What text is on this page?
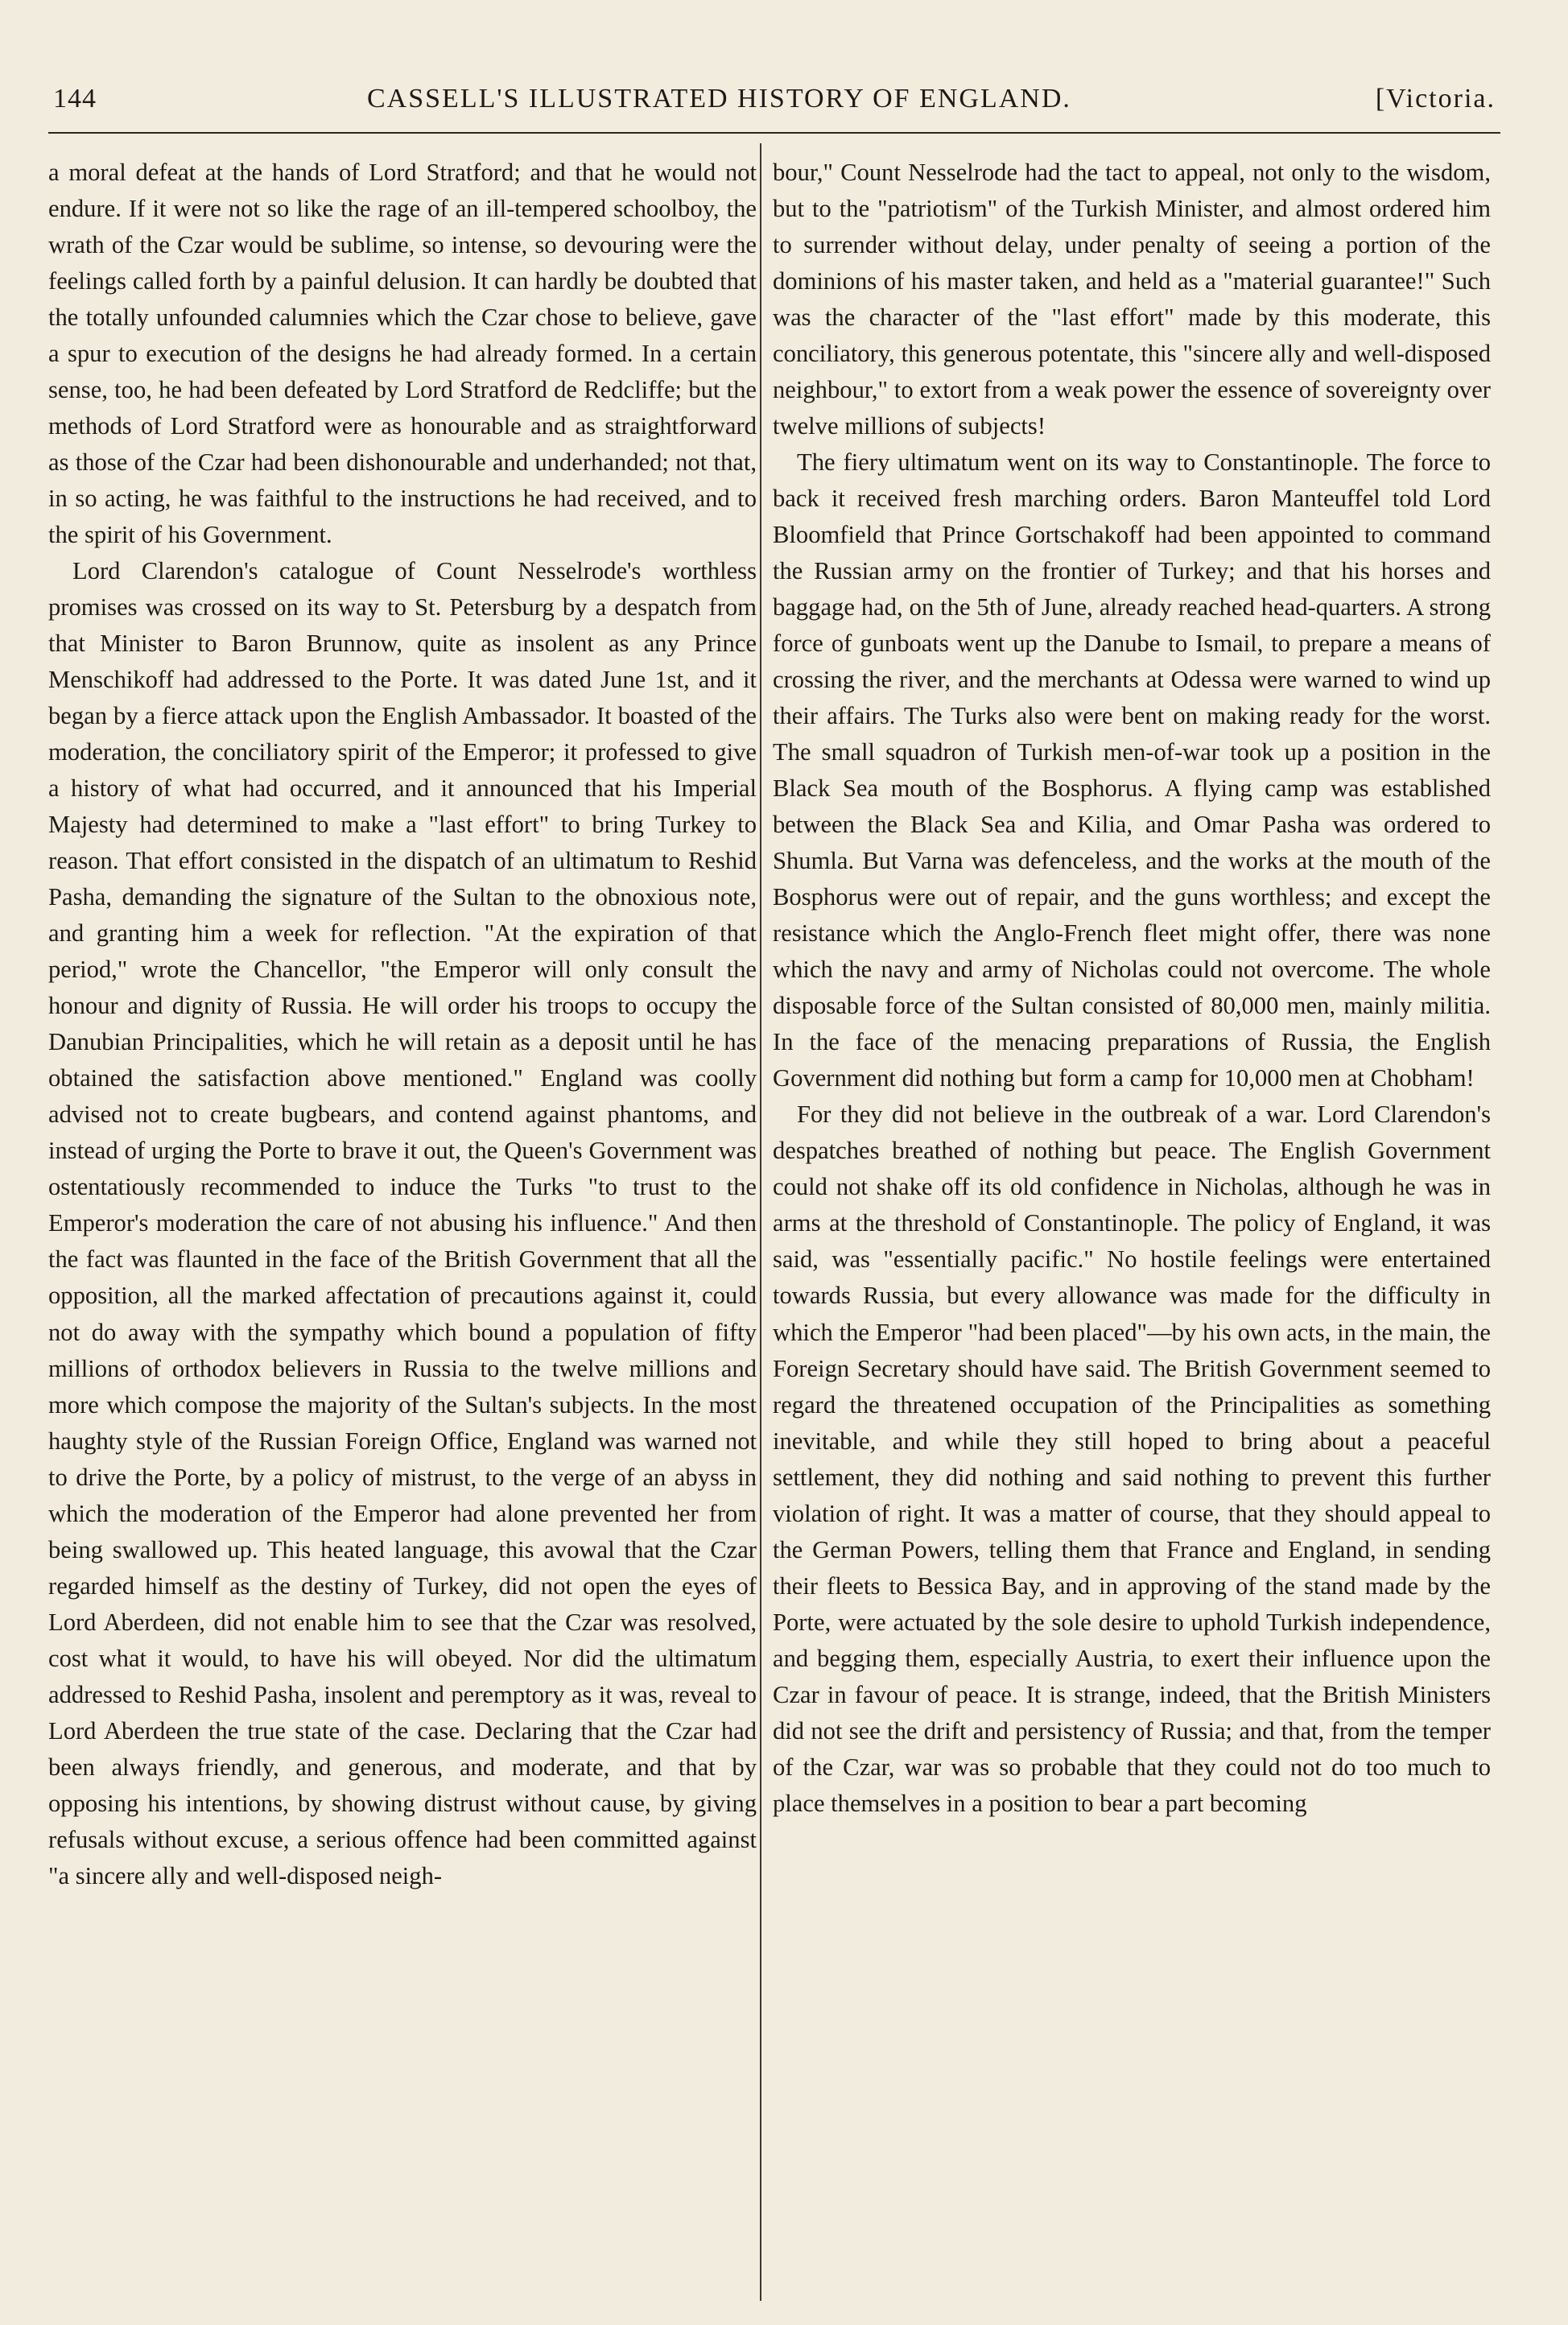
144	CASSELL'S ILLUSTRATED HISTORY OF ENGLAND.	[Victoria.

a moral defeat at the hands of Lord Stratford; and that he would not endure. If it were not so like the rage of an ill-tempered schoolboy, the wrath of the Czar would be sublime, so intense, so devouring were the feelings called forth by a painful delusion. It can hardly be doubted that the totally unfounded calumnies which the Czar chose to believe, gave a spur to execution of the designs he had already formed. In a certain sense, too, he had been defeated by Lord Stratford de Redcliffe; but the methods of Lord Stratford were as honourable and as straightforward as those of the Czar had been dishonourable and underhanded; not that, in so acting, he was faithful to the instructions he had received, and to the spirit of his Government.

Lord Clarendon's catalogue of Count Nesselrode's worthless promises was crossed on its way to St. Petersburg by a despatch from that Minister to Baron Brunnow, quite as insolent as any Prince Menschikoff had addressed to the Porte. It was dated June 1st, and it began by a fierce attack upon the English Ambassador. It boasted of the moderation, the conciliatory spirit of the Emperor; it professed to give a history of what had occurred, and it announced that his Imperial Majesty had determined to make a "last effort" to bring Turkey to reason. That effort consisted in the dispatch of an ultimatum to Reshid Pasha, demanding the signature of the Sultan to the obnoxious note, and granting him a week for reflection. "At the expiration of that period," wrote the Chancellor, "the Emperor will only consult the honour and dignity of Russia. He will order his troops to occupy the Danubian Principalities, which he will retain as a deposit until he has obtained the satisfaction above mentioned." England was coolly advised not to create bugbears, and contend against phantoms, and instead of urging the Porte to brave it out, the Queen's Government was ostentatiously recommended to induce the Turks "to trust to the Emperor's moderation the care of not abusing his influence." And then the fact was flaunted in the face of the British Government that all the opposition, all the marked affectation of precautions against it, could not do away with the sympathy which bound a population of fifty millions of orthodox believers in Russia to the twelve millions and more which compose the majority of the Sultan's subjects. In the most haughty style of the Russian Foreign Office, England was warned not to drive the Porte, by a policy of mistrust, to the verge of an abyss in which the moderation of the Emperor had alone prevented her from being swallowed up. This heated language, this avowal that the Czar regarded himself as the destiny of Turkey, did not open the eyes of Lord Aberdeen, did not enable him to see that the Czar was resolved, cost what it would, to have his will obeyed. Nor did the ultimatum addressed to Reshid Pasha, insolent and peremptory as it was, reveal to Lord Aberdeen the true state of the case. Declaring that the Czar had been always friendly, and generous, and moderate, and that by opposing his intentions, by showing distrust without cause, by giving refusals without excuse, a serious offence had been committed against "a sincere ally and well-disposed neigh-

bour," Count Nesselrode had the tact to appeal, not only to the wisdom, but to the "patriotism" of the Turkish Minister, and almost ordered him to surrender without delay, under penalty of seeing a portion of the dominions of his master taken, and held as a "material guarantee!" Such was the character of the "last effort" made by this moderate, this conciliatory, this generous potentate, this "sincere ally and well-disposed neighbour," to extort from a weak power the essence of sovereignty over twelve millions of subjects!

The fiery ultimatum went on its way to Constantinople. The force to back it received fresh marching orders. Baron Manteuffel told Lord Bloomfield that Prince Gortschakoff had been appointed to command the Russian army on the frontier of Turkey; and that his horses and baggage had, on the 5th of June, already reached head-quarters. A strong force of gunboats went up the Danube to Ismail, to prepare a means of crossing the river, and the merchants at Odessa were warned to wind up their affairs. The Turks also were bent on making ready for the worst. The small squadron of Turkish men-of-war took up a position in the Black Sea mouth of the Bosphorus. A flying camp was established between the Black Sea and Kilia, and Omar Pasha was ordered to Shumla. But Varna was defenceless, and the works at the mouth of the Bosphorus were out of repair, and the guns worthless; and except the resistance which the Anglo-French fleet might offer, there was none which the navy and army of Nicholas could not overcome. The whole disposable force of the Sultan consisted of 80,000 men, mainly militia. In the face of the menacing preparations of Russia, the English Government did nothing but form a camp for 10,000 men at Chobham!

For they did not believe in the outbreak of a war. Lord Clarendon's despatches breathed of nothing but peace. The English Government could not shake off its old confidence in Nicholas, although he was in arms at the threshold of Constantinople. The policy of England, it was said, was "essentially pacific." No hostile feelings were entertained towards Russia, but every allowance was made for the difficulty in which the Emperor "had been placed"—by his own acts, in the main, the Foreign Secretary should have said. The British Government seemed to regard the threatened occupation of the Principalities as something inevitable, and while they still hoped to bring about a peaceful settlement, they did nothing and said nothing to prevent this further violation of right. It was a matter of course, that they should appeal to the German Powers, telling them that France and England, in sending their fleets to Bessica Bay, and in approving of the stand made by the Porte, were actuated by the sole desire to uphold Turkish independence, and begging them, especially Austria, to exert their influence upon the Czar in favour of peace. It is strange, indeed, that the British Ministers did not see the drift and persistency of Russia; and that, from the temper of the Czar, war was so probable that they could not do too much to place themselves in a position to bear a part becoming
